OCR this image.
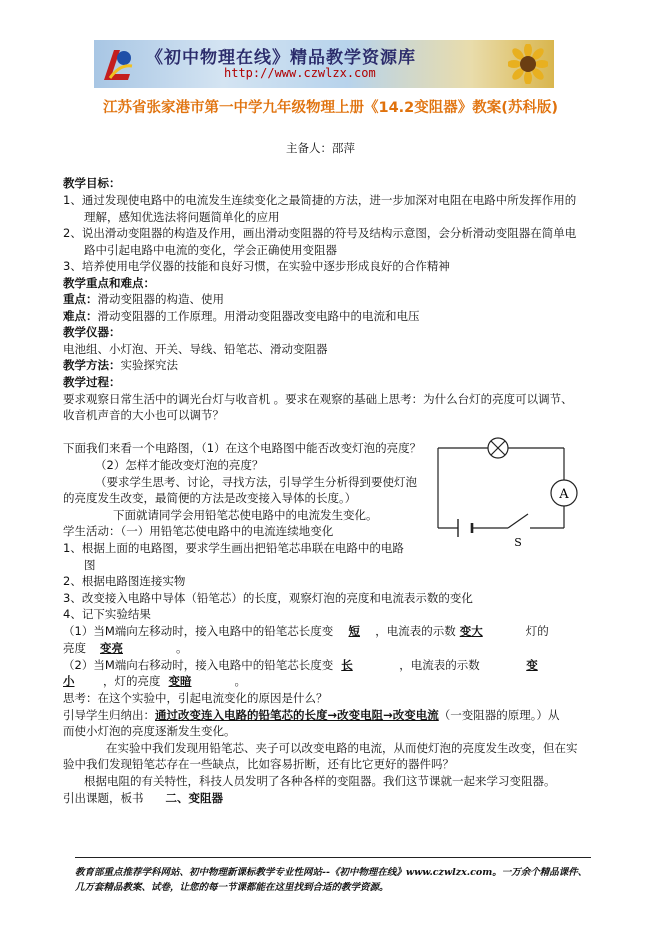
《初中物理在线》精品教学资源库
http://www.czwlzx.com
江苏省张家港市第一中学九年级物理上册《14.2变阻器》教案(苏科版)
主备人：邵萍
教学目标：
1、通过发现使电路中的电流发生连续变化之最简捷的方法，进一步加深对电阻在电路中所发挥作用的
理解，感知优选法将问题简单化的应用
2、说出滑动变阻器的构造及作用，画出滑动变阻器的符号及结构示意图，会分析滑动变阻器在简单电
路中引起电路中电流的变化，学会正确使用变阻器
3、培养使用电学仪器的技能和良好习惯，在实验中逐步形成良好的合作精神
教学重点和难点：
重点：滑动变阻器的构造、使用
难点：滑动变阻器的工作原理。用滑动变阻器改变电路中的电流和电压
教学仪器：
电池组、小灯泡、开关、导线、铅笔芯、滑动变阻器
教学方法：实验探究法
教学过程：
要求观察日常生活中的调光台灯与收音机 。要求在观察的基础上思考：为什么台灯的亮度可以调节、
收音机声音的大小也可以调节？
下面我们来看一个电路图，（1）在这个电路图中能否改变灯泡的亮度？
（2）怎样才能改变灯泡的亮度？
（要求学生思考、讨论，寻找方法，引导学生分析得到要使灯泡
的亮度发生改变，最简便的方法是改变接入导体的长度。）
下面就请同学会用铅笔芯使电路中的电流发生变化。
学生活动：（一）用铅笔芯使电路中的电流连续地变化
A
S
1、根据上面的电路图，要求学生画出把铅笔芯串联在电路中的电路
图
2、根据电路图连接实物
3、改变接入电路中导体（铅笔芯）的长度，观察灯泡的亮度和电流表示数的变化
4、记下实验结果
（1）当M端向左移动时，接入电路中的铅笔芯长度变 短 ，电流表的示数 变大	灯的
亮度 变亮	。
（2）当M端向右移动时，接入电路中的铅笔芯长度变 长	，电流表的示数	变
小 ，灯的亮度 变暗	。
思考：在这个实验中，引起电流变化的原因是什么？
引导学生归纳出：通过改变连入电路的铅笔芯的长度→改变电阻→改变电流（一变阻器的原理。）从
而使小灯泡的亮度逐渐发生变化。
在实验中我们发现用铅笔芯、夹子可以改变电路的电流，从而使灯泡的亮度发生改变，但在实
验中我们发现铅笔芯存在一些缺点，比如容易折断，还有比它更好的器件吗？
根据电阻的有关特性，科技人员发明了各种各样的变阻器。我们这节课就一起来学习变阻器。
引出课题，板书 二、变阻器
教育部重点推荐学科网站、初中物理新课标教学专业性网站--《初中物理在线》www.czwlzx.com。一万余个精品课件、
几万套精品教案、试卷，让您的每一节课都能在这里找到合适的教学资源。
